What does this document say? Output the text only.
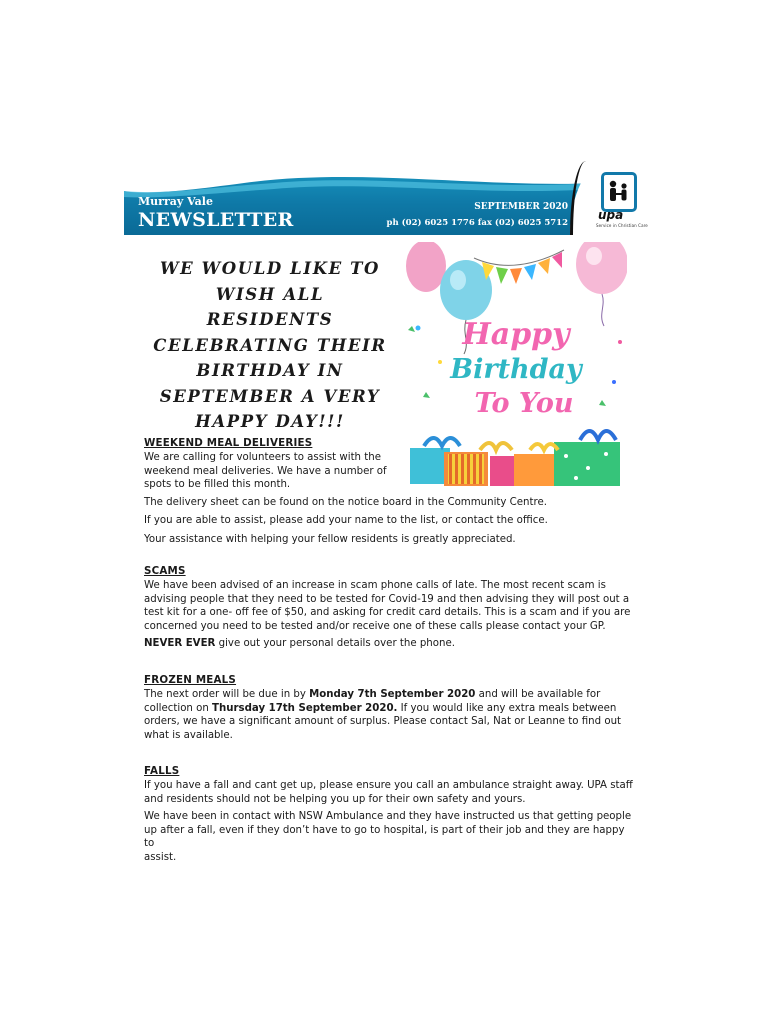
Murray Vale
NEWSLETTER
SEPTEMBER 2020
ph (02) 6025 1776 fax (02) 6025 5712
upa
Service in Christian Care
WE WOULD LIKE TO
WISH ALL RESIDENTS
CELEBRATING THEIR
BIRTHDAY IN
SEPTEMBER A VERY
HAPPY DAY!!!
Happy
Birthday
To You
WEEKEND MEAL DELIVERIES
We are calling for volunteers to assist with the
weekend meal deliveries. We have a number of
spots to be filled this month.
The delivery sheet can be found on the notice board in the Community Centre.
If you are able to assist, please add your name to the list, or contact the office.
Your assistance with helping your fellow residents is greatly appreciated.
SCAMS
We have been advised of an increase in scam phone calls of late. The most recent scam is
advising people that they need to be tested for Covid-19 and then advising they will post out a
test kit for a one- off fee of $50, and asking for credit card details. This is a scam and if you are
concerned you need to be tested and/or receive one of these calls please contact your GP.
NEVER EVER give out your personal details over the phone.
FROZEN MEALS
The next order will be due in by Monday 7th September 2020 and will be available for
collection on Thursday 17th September 2020. If you would like any extra meals between
orders, we have a significant amount of surplus. Please contact Sal, Nat or Leanne to find out
what is available.
FALLS
If you have a fall and cant get up, please ensure you call an ambulance straight away. UPA staff
and residents should not be helping you up for their own safety and yours.
We have been in contact with NSW Ambulance and they have instructed us that getting people
up after a fall, even if they don’t have to go to hospital, is part of their job and they are happy to
assist.
